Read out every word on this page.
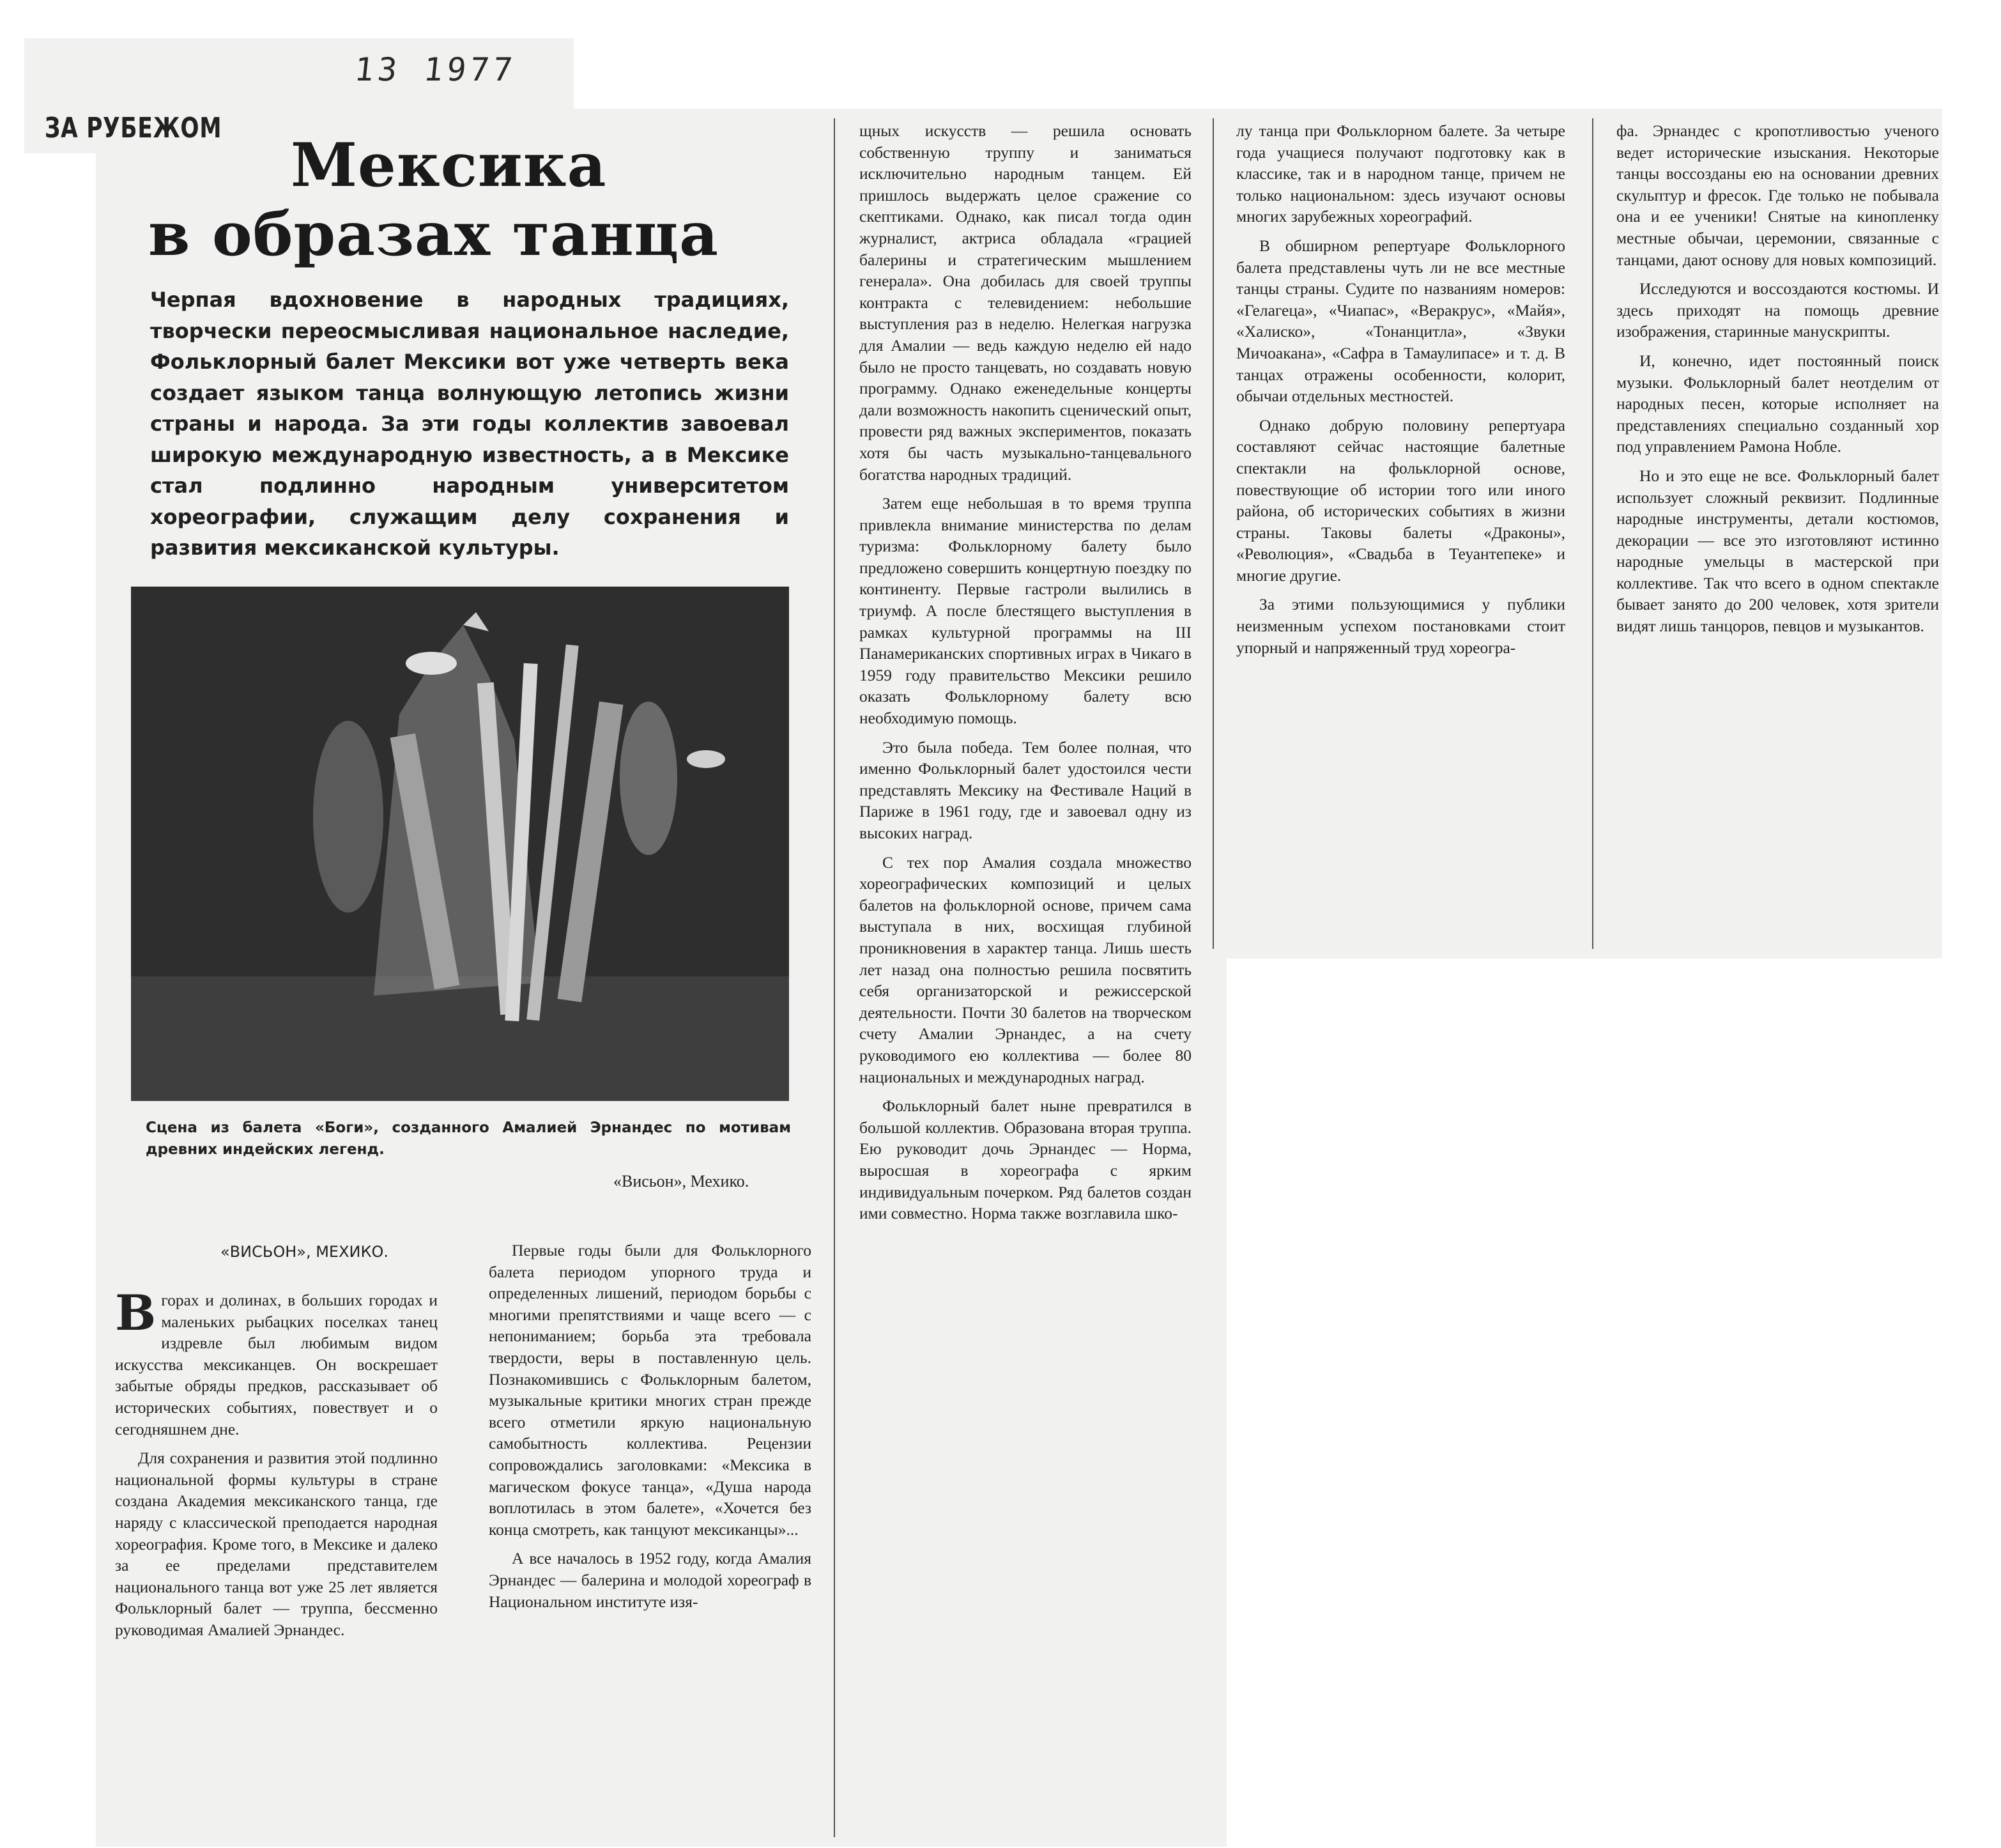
13 1977
ЗА РУБЕЖОМ
Мексика
в образах танца
Черпая вдохновение в народных традициях, творчески переосмысливая национальное наследие, Фольклорный балет Мексики вот уже четверть века создает языком танца волнующую летопись жизни страны и народа. За эти годы коллектив завоевал широкую международную известность, а в Мексике стал подлинно народным университетом хореографии, служащим делу сохранения и развития мексиканской культуры.
Сцена из балета «Боги», созданного Амалией Эрнандес по мотивам древних индейских легенд.
«Висьон», Мехико.
«ВИСЬОН», МЕХИКО.

Вгорах и долинах, в больших городах и маленьких рыбацких поселках танец издревле был любимым видом искусства мексиканцев. Он воскрешает забытые обряды предков, рассказывает об исторических событиях, повествует и о сегодняшнем дне.

Для сохранения и развития этой подлинно национальной формы культуры в стране создана Академия мексиканского танца, где наряду с классической преподается народная хореография. Кроме того, в Мексике и далеко за ее пределами представителем национального танца вот уже 25 лет является Фольклорный балет — труппа, бессменно руководимая Амалией Эрнандес.

Первые годы были для Фольклорного балета периодом упорного труда и определенных лишений, периодом борьбы с многими препятствиями и чаще всего — с непониманием; борьба эта требовала твердости, веры в поставленную цель. Познакомившись с Фольклорным балетом, музыкальные критики многих стран прежде всего отметили яркую национальную самобытность коллектива. Рецензии сопровождались заголовками: «Мексика в магическом фокусе танца», «Душа народа воплотилась в этом балете», «Хочется без конца смотреть, как танцуют мексиканцы»...

А все началось в 1952 году, когда Амалия Эрнандес — балерина и молодой хореограф в Национальном институте изя-

щных искусств — решила основать собственную труппу и заниматься исключительно народным танцем. Ей пришлось выдержать целое сражение со скептиками. Однако, как писал тогда один журналист, актриса обладала «грацией балерины и стратегическим мышлением генерала». Она добилась для своей труппы контракта с телевидением: небольшие выступления раз в неделю. Нелегкая нагрузка для Амалии — ведь каждую неделю ей надо было не просто танцевать, но создавать новую программу. Однако еженедельные концерты дали возможность накопить сценический опыт, провести ряд важных экспериментов, показать хотя бы часть музыкально-танцевального богатства народных традиций.

Затем еще небольшая в то время труппа привлекла внимание министерства по делам туризма: Фольклорному балету было предложено совершить концертную поездку по континенту. Первые гастроли вылились в триумф. А после блестящего выступления в рамках культурной программы на III Панамериканских спортивных играх в Чикаго в 1959 году правительство Мексики решило оказать Фольклорному балету всю необходимую помощь.

Это была победа. Тем более полная, что именно Фольклорный балет удостоился чести представлять Мексику на Фестивале Наций в Париже в 1961 году, где и завоевал одну из высоких наград.

С тех пор Амалия создала множество хореографических композиций и целых балетов на фольклорной основе, причем сама выступала в них, восхищая глубиной проникновения в характер танца. Лишь шесть лет назад она полностью решила посвятить себя организаторской и режиссерской деятельности. Почти 30 балетов на творческом счету Амалии Эрнандес, а на счету руководимого ею коллектива — более 80 национальных и международных наград.

Фольклорный балет ныне превратился в большой коллектив. Образована вторая труппа. Ею руководит дочь Эрнандес — Норма, выросшая в хореографа с ярким индивидуальным почерком. Ряд балетов создан ими совместно. Норма также возглавила шко-

лу танца при Фольклорном балете. За четыре года учащиеся получают подготовку как в классике, так и в народном танце, причем не только национальном: здесь изучают основы многих зарубежных хореографий.

В обширном репертуаре Фольклорного балета представлены чуть ли не все местные танцы страны. Судите по названиям номеров: «Гелагеца», «Чиапас», «Веракрус», «Майя», «Халиско», «Тонанцитла», «Звуки Мичоакана», «Сафра в Тамаулипасе» и т. д. В танцах отражены особенности, колорит, обычаи отдельных местностей.

Однако добрую половину репертуара составляют сейчас настоящие балетные спектакли на фольклорной основе, повествующие об истории того или иного района, об исторических событиях в жизни страны. Таковы балеты «Драконы», «Революция», «Свадьба в Теуантепеке» и многие другие.

За этими пользующимися у публики неизменным успехом постановками стоит упорный и напряженный труд хореогра-

фа. Эрнандес с кропотливостью ученого ведет исторические изыскания. Некоторые танцы воссозданы ею на основании древних скульптур и фресок. Где только не побывала она и ее ученики! Снятые на кинопленку местные обычаи, церемонии, связанные с танцами, дают основу для новых композиций.

Исследуются и воссоздаются костюмы. И здесь приходят на помощь древние изображения, старинные манускрипты.

И, конечно, идет постоянный поиск музыки. Фольклорный балет неотделим от народных песен, которые исполняет на представлениях специально созданный хор под управлением Рамона Нобле.

Но и это еще не все. Фольклорный балет использует сложный реквизит. Подлинные народные инструменты, детали костюмов, декорации — все это изготовляют истинно народные умельцы в мастерской при коллективе. Так что всего в одном спектакле бывает занято до 200 человек, хотя зрители видят лишь танцоров, певцов и музыкантов.
